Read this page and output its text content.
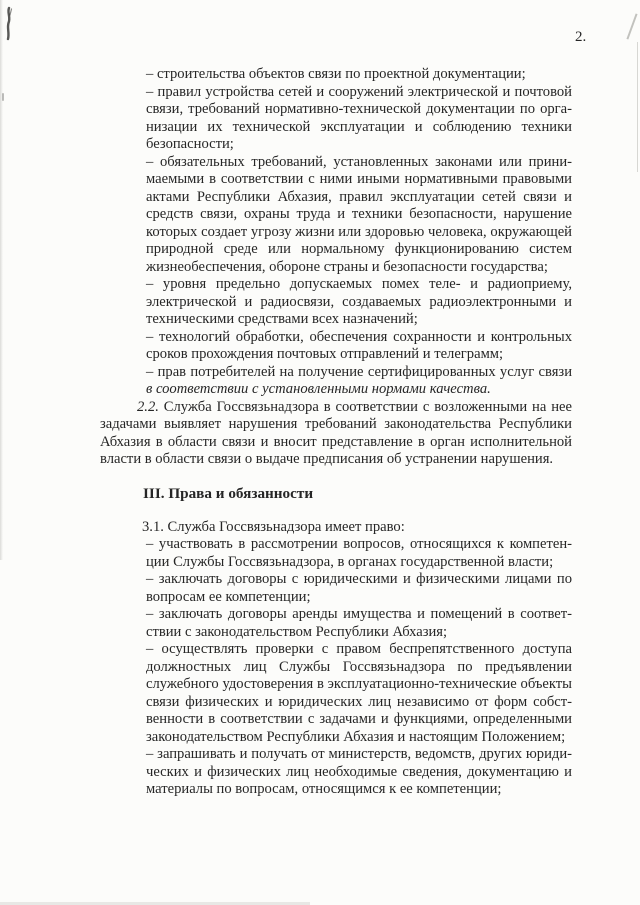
2.
– строительства объектов связи по проектной документации;
– правил устройства сетей и сооружений электрической и почтовой
связи, требований нормативно-технической документации по орга-
низации их технической эксплуатации и соблюдению техники
безопасности;
– обязательных требований, установленных законами или прини-
маемыми в соответствии с ними иными нормативными правовыми
актами Республики Абхазия, правил эксплуатации сетей связи и
средств связи, охраны труда и техники безопасности, нарушение
которых создает угрозу жизни или здоровью человека, окружающей
природной среде или нормальному функционированию систем
жизнеобеспечения, обороне страны и безопасности государства;
– уровня предельно допускаемых помех теле- и радиоприему,
электрической и радиосвязи, создаваемых радиоэлектронными и
техническими средствами всех назначений;
– технологий обработки, обеспечения сохранности и контрольных
сроков прохождения почтовых отправлений и телеграмм;
– прав потребителей на получение сертифицированных услуг связи
в соответствии с установленными нормами качества.
2.2. Служба Госсвязьнадзора в соответствии с возложенными на нее
задачами выявляет нарушения требований законодательства Республики
Абхазия в области связи и вносит представление в орган исполнительной
власти в области связи о выдаче предписания об устранении нарушения.
III. Права и обязанности
3.1. Служба Госсвязьнадзора имеет право:
– участвовать в рассмотрении вопросов, относящихся к компетен-
ции Службы Госсвязьнадзора, в органах государственной власти;
– заключать договоры с юридическими и физическими лицами по
вопросам ее компетенции;
– заключать договоры аренды имущества и помещений в соответ-
ствии с законодательством Республики Абхазия;
– осуществлять проверки с правом беспрепятственного доступа
должностных лиц Службы Госсвязьнадзора по предъявлении
служебного удостоверения в эксплуатационно-технические объекты
связи физических и юридических лиц независимо от форм собст-
венности в соответствии с задачами и функциями, определенными
законодательством Республики Абхазия и настоящим Положением;
– запрашивать и получать от министерств, ведомств, других юриди-
ческих и физических лиц необходимые сведения, документацию и
материалы по вопросам, относящимся к ее компетенции;
